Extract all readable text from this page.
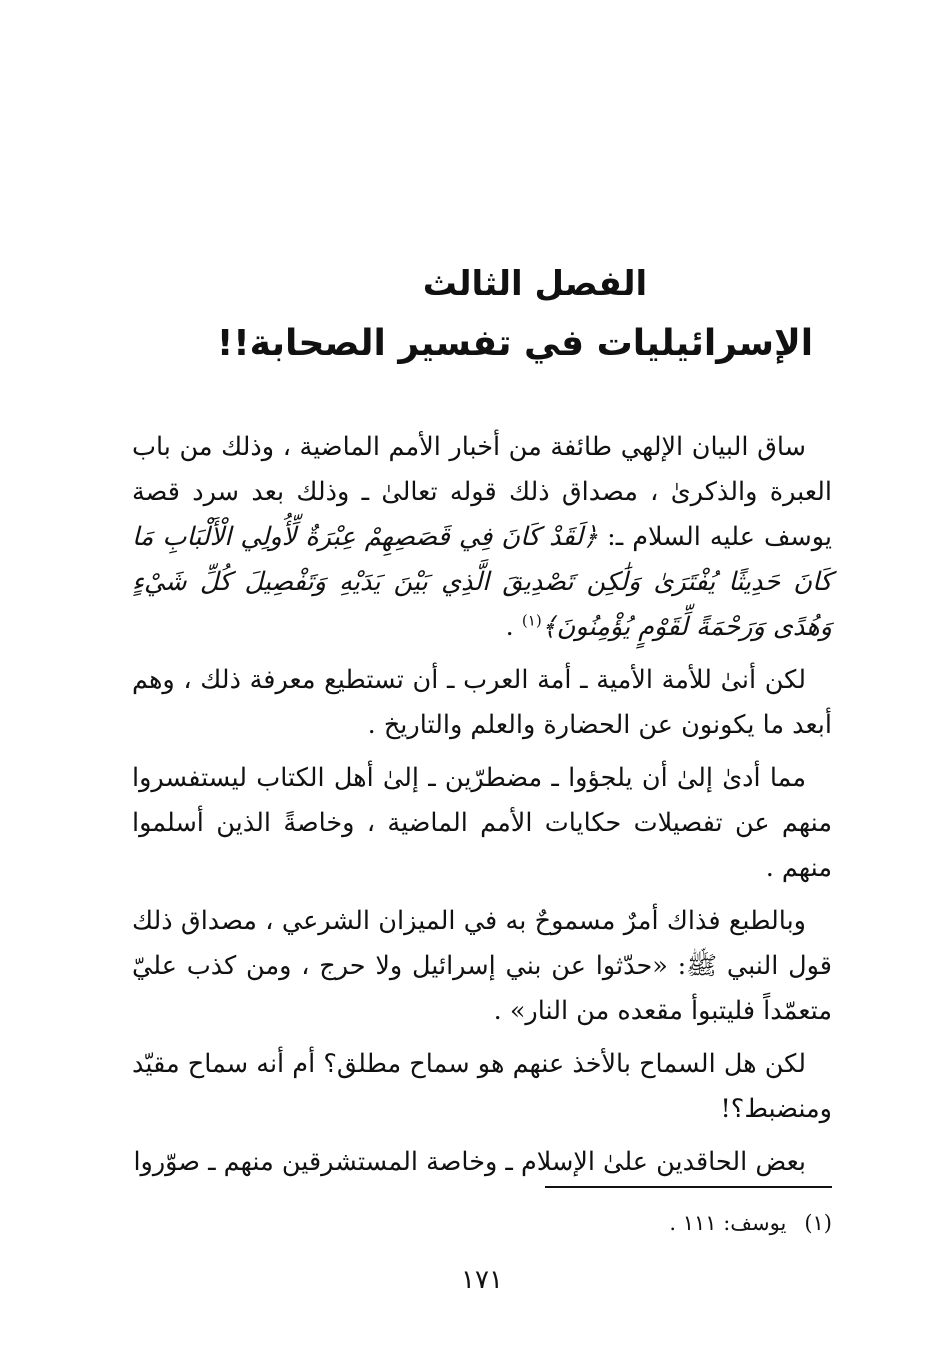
الفصل الثالث
الإسرائيليات في تفسير الصحابة!!

ساق البيان الإلهي طائفة من أخبار الأمم الماضية ، وذلك من باب العبرة والذكرىٰ ، مصداق ذلك قوله تعالىٰ ـ وذلك بعد سرد قصة يوسف عليه السلام ـ: ﴿لَقَدْ كَانَ فِي قَصَصِهِمْ عِبْرَةٌ لِّأُولِي الْأَلْبَابِ مَا كَانَ حَدِيثًا يُفْتَرَىٰ وَلَٰكِن تَصْدِيقَ الَّذِي بَيْنَ يَدَيْهِ وَتَفْصِيلَ كُلِّ شَيْءٍ وَهُدًى وَرَحْمَةً لِّقَوْمٍ يُؤْمِنُونَ﴾$^{(١)}$ .

لكن أنىٰ للأمة الأمية ـ أمة العرب ـ أن تستطيع معرفة ذلك ، وهم أبعد ما يكونون عن الحضارة والعلم والتاريخ .

مما أدىٰ إلىٰ أن يلجؤوا ـ مضطرّين ـ إلىٰ أهل الكتاب ليستفسروا منهم عن تفصيلات حكايات الأمم الماضية ، وخاصةً الذين أسلموا منهم .

وبالطبع فذاك أمرٌ مسموحٌ به في الميزان الشرعي ، مصداق ذلك قول النبي ﷺ: «حدّثوا عن بني إسرائيل ولا حرج ، ومن كذب عليّ متعمّداً فليتبوأ مقعده من النار» .

لكن هل السماح بالأخذ عنهم هو سماح مطلق؟ أم أنه سماح مقيّد ومنضبط؟!

بعض الحاقدين علىٰ الإسلام ـ وخاصة المستشرقين منهم ـ صوّروا

(١)يوسف: ١١١ .
١٧١
